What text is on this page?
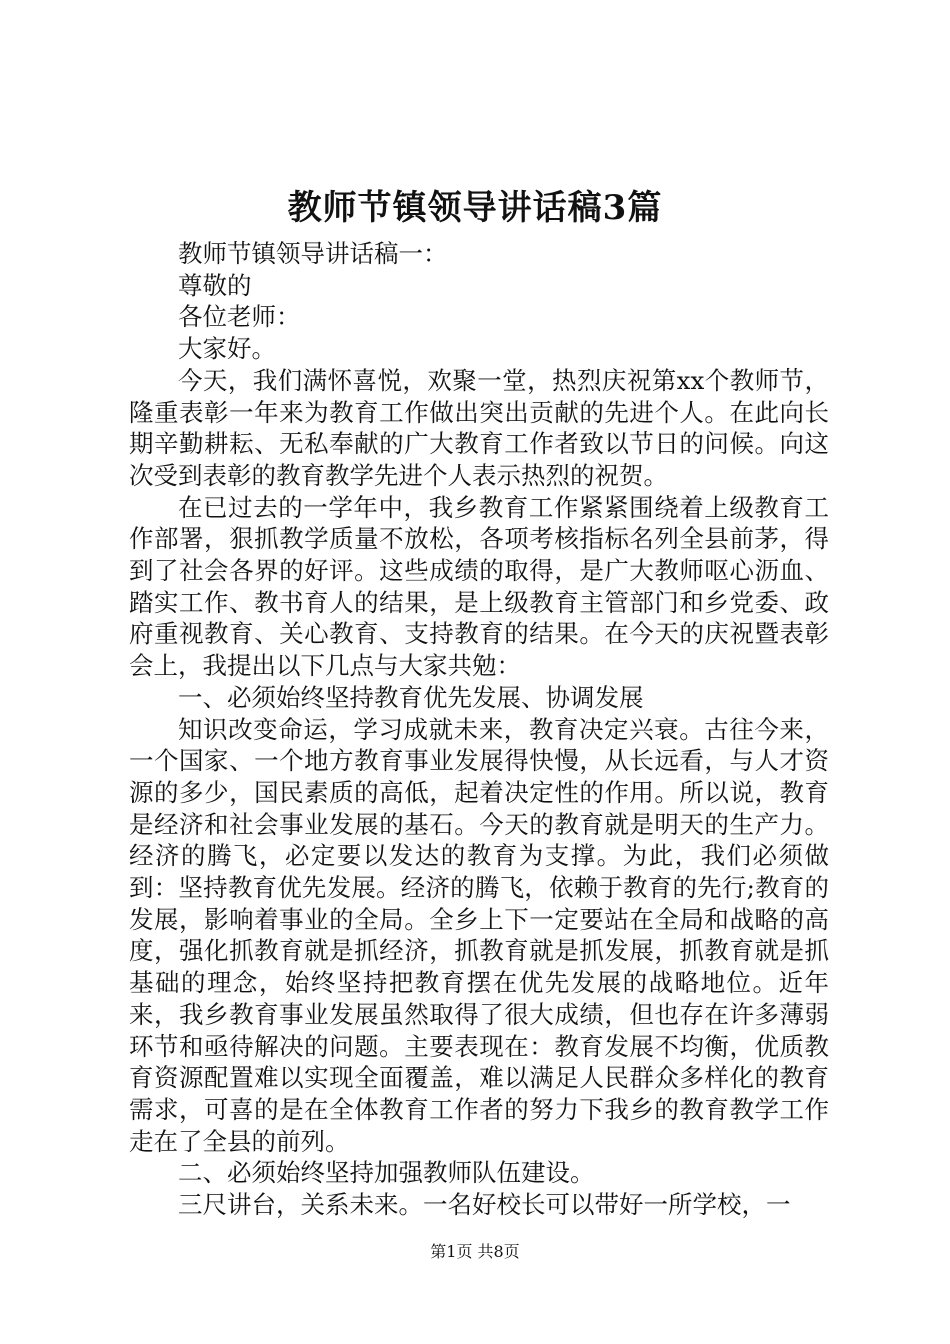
教师节镇领导讲话稿3篇

教师节镇领导讲话稿一：

尊敬的

各位老师：

大家好。

今天，我们满怀喜悦，欢聚一堂，热烈庆祝第xx个教师节，隆重表彰一年来为教育工作做出突出贡献的先进个人。在此向长期辛勤耕耘、无私奉献的广大教育工作者致以节日的问候。向这次受到表彰的教育教学先进个人表示热烈的祝贺。

在已过去的一学年中，我乡教育工作紧紧围绕着上级教育工作部署，狠抓教学质量不放松，各项考核指标名列全县前茅，得到了社会各界的好评。这些成绩的取得，是广大教师呕心沥血、踏实工作、教书育人的结果，是上级教育主管部门和乡党委、政府重视教育、关心教育、支持教育的结果。在今天的庆祝暨表彰会上，我提出以下几点与大家共勉：

一、必须始终坚持教育优先发展、协调发展

知识改变命运，学习成就未来，教育决定兴衰。古往今来，一个国家、一个地方教育事业发展得快慢，从长远看，与人才资源的多少，国民素质的高低，起着决定性的作用。所以说，教育是经济和社会事业发展的基石。今天的教育就是明天的生产力。经济的腾飞，必定要以发达的教育为支撑。为此，我们必须做到：坚持教育优先发展。经济的腾飞，依赖于教育的先行;教育的发展，影响着事业的全局。全乡上下一定要站在全局和战略的高度，强化抓教育就是抓经济，抓教育就是抓发展，抓教育就是抓基础的理念，始终坚持把教育摆在优先发展的战略地位。近年来，我乡教育事业发展虽然取得了很大成绩，但也存在许多薄弱环节和亟待解决的问题。主要表现在：教育发展不均衡，优质教育资源配置难以实现全面覆盖，难以满足人民群众多样化的教育需求，可喜的是在全体教育工作者的努力下我乡的教育教学工作走在了全县的前列。

二、必须始终坚持加强教师队伍建设。

三尺讲台，关系未来。一名好校长可以带好一所学校，一

第1页 共8页
